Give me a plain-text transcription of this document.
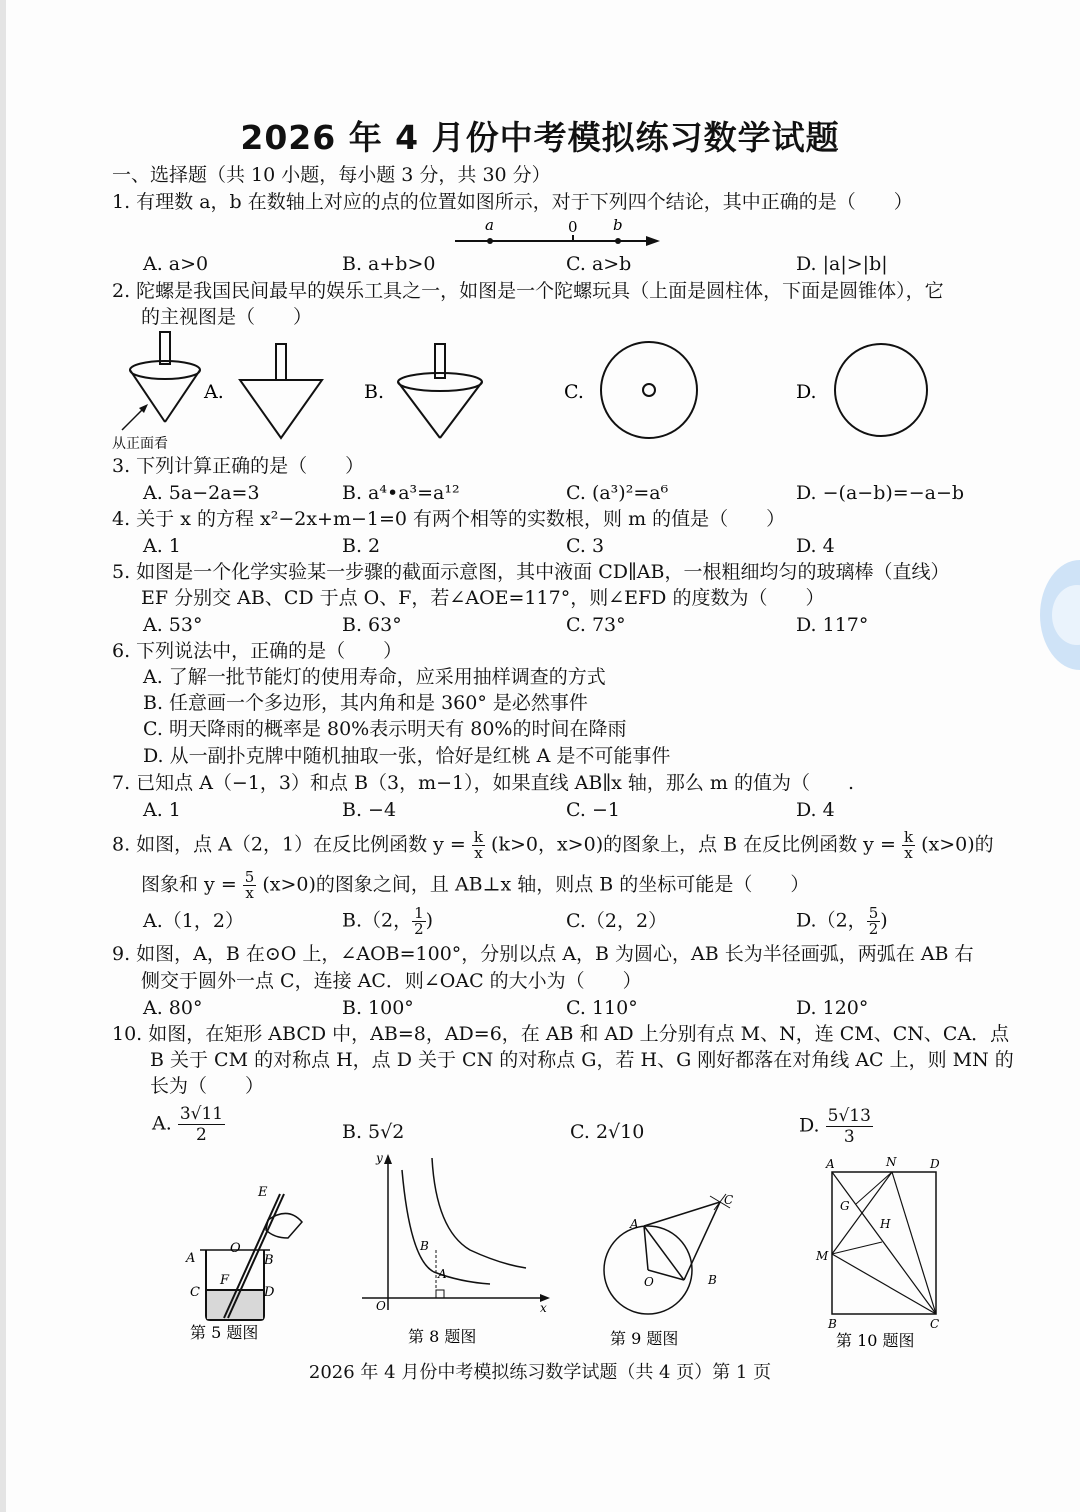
2026 年 4 月份中考模拟练习数学试题
一、选择题（共 10 小题，每小题 3 分，共 30 分）
1. 有理数 a，b 在数轴上对应的点的位置如图所示，对于下列四个结论，其中正确的是（　　）
a	0 b
A. a>0	B. a+b>0	C. a>b	D. |a|>|b|
2. 陀螺是我国民间最早的娱乐工具之一，如图是一个陀螺玩具（上面是圆柱体，下面是圆锥体），它
的主视图是（　　）
从正面看
A.	B.	C.	D.
3. 下列计算正确的是（　　）
A. 5a−2a=3	B. a⁴•a³=a¹²	C. (a³)²=a⁶	D. −(a−b)=−a−b
4. 关于 x 的方程 x²−2x+m−1=0 有两个相等的实数根，则 m 的值是（　　）
A. 1	B. 2	C. 3	D. 4
5. 如图是一个化学实验某一步骤的截面示意图，其中液面 CD∥AB，一根粗细均匀的玻璃棒（直线）
EF 分别交 AB、CD 于点 O、F，若∠AOE=117°，则∠EFD 的度数为（　　）
A. 53°	B. 63°	C. 73°	D. 117°
6. 下列说法中，正确的是（　　）
A. 了解一批节能灯的使用寿命，应采用抽样调查的方式
B. 任意画一个多边形，其内角和是 360° 是必然事件
C. 明天降雨的概率是 80%表示明天有 80%的时间在降雨
D. 从一副扑克牌中随机抽取一张，恰好是红桃 A 是不可能事件
7. 已知点 A（−1，3）和点 B（3，m−1），如果直线 AB∥x 轴，那么 m 的值为（　　.
A. 1	B. −4	C. −1	D. 4
8. 如图，点 A（2，1）在反比例函数 $y = \frac{k}{x} (k>0$，x>0)的图象上，点 B 在反比例函数 $y = \frac{k}{x} (x>0)$的
图象和 $y = \frac{5}{x} (x>0)$的图象之间，且 AB⊥x 轴，则点 B 的坐标可能是（　　）
A.（1，2）	B.（2， $\frac{1}{2}$ )	C.（2，2）	D.（2， $\frac{5}{2}$ )
9. 如图，A，B 在⊙O 上，∠AOB=100°，分别以点 A，B 为圆心，AB 长为半径画弧，两弧在 AB 右
侧交于圆外一点 C，连接 AC．则∠OAC 的大小为（　　）
A. 80°	B. 100°	C. 110°	D. 120°
10. 如图，在矩形 ABCD 中，AB=8，AD=6，在 AB 和 AD 上分别有点 M、N，连 CM、CN、CA．点
B 关于 CM 的对称点 H，点 D 关于 CN 的对称点 G，若 H、G 刚好都落在对角线 AC 上，则 MN 的
长为（　　）
A. $\frac{3√11}{2}$	B. 5√2	C. 2√10	D. $\frac{5√13}{3}$
E
O
A	B
F
C	D
第 5 题图
y
x
O
B
A
第 8 题图
A
O	B
C
第 9 题图
A	N	D
G
H
M
B	C
第 10 题图
2026 年 4 月份中考模拟练习数学试题（共 4 页）第 1 页
